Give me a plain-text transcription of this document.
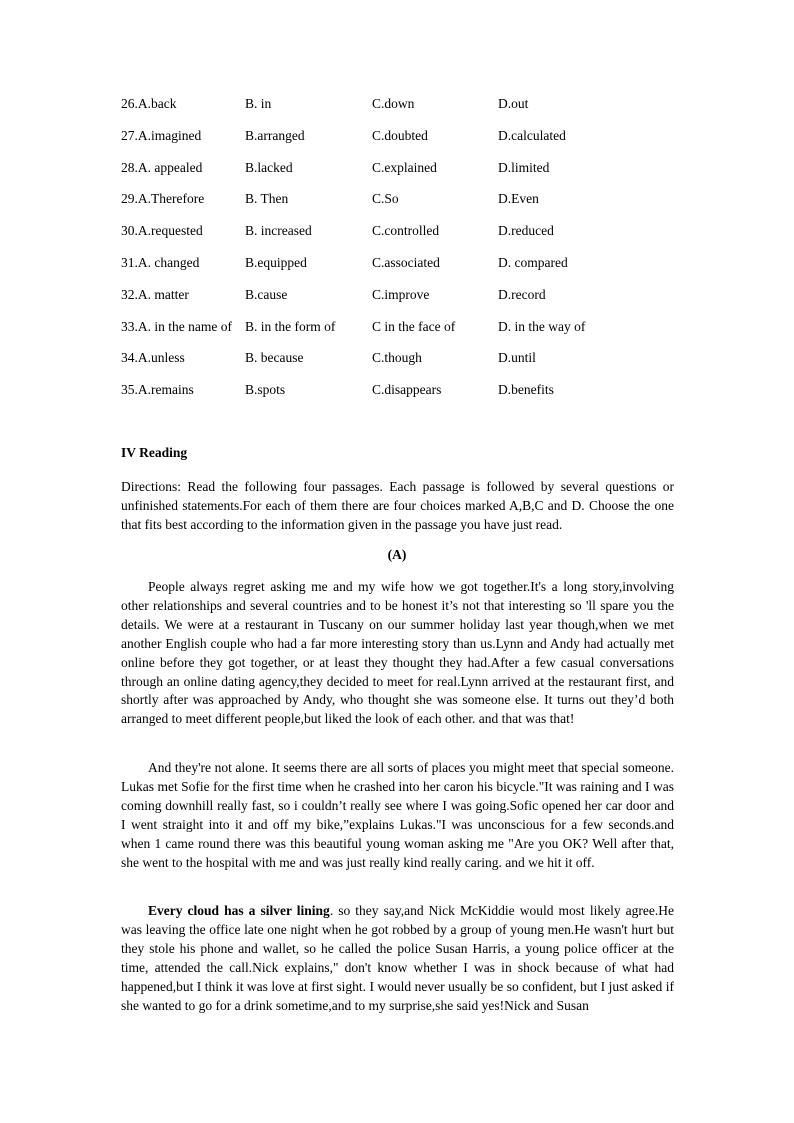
26.A.back	B. in	C.down	D.out
27.A.imagined	B.arranged	C.doubted	D.calculated
28.A. appealed	B.lacked	C.explained	D.limited
29.A.Therefore	B. Then	C.So	D.Even
30.A.requested	B. increased	C.controlled	D.reduced
31.A. changed	B.equipped	C.associated	D. compared
32.A. matter	B.cause	C.improve	D.record
33.A. in the name of B. in the form of	C in the face of	D. in the way of
34.A.unless	B. because	C.though	D.until
35.A.remains	B.spots	C.disappears	D.benefits
IV Reading
Directions: Read the following four passages. Each passage is followed by several questions or unfinished statements.For each of them there are four choices marked A,B,C and D. Choose the one that fits best according to the information given in the passage you have just read.
(A)

People always regret asking me and my wife how we got together.It's a long story,involving other relationships and several countries and to be honest it’s not that interesting so 'll spare you the details. We were at a restaurant in Tuscany on our summer holiday last year though,when we met another English couple who had a far more interesting story than us.Lynn and Andy had actually met online before they got together, or at least they thought they had.After a few casual conversations through an online dating agency,they decided to meet for real.Lynn arrived at the restaurant first, and shortly after was approached by Andy, who thought she was someone else. It turns out they’d both arranged to meet different people,but liked the look of each other. and that was that!

And they're not alone. It seems there are all sorts of places you might meet that special someone. Lukas met Sofie for the first time when he crashed into her caron his bicycle."It was raining and I was coming downhill really fast, so i couldn’t really see where I was going.Sofic opened her car door and I went straight into it and off my bike,”explains Lukas."I was unconscious for a few seconds.and when 1 came round there was this beautiful young woman asking me "Are you OK? Well after that, she went to the hospital with me and was just really kind really caring. and we hit it off.

Every cloud has a silver lining. so they say,and Nick McKiddie would most likely agree.He was leaving the office late one night when he got robbed by a group of young men.He wasn't hurt but they stole his phone and wallet, so he called the police Susan Harris, a young police officer at the time, attended the call.Nick explains," don't know whether I was in shock because of what had happened,but I think it was love at first sight. I would never usually be so confident, but I just asked if she wanted to go for a drink sometime,and to my surprise,she said yes!Nick and Susan
